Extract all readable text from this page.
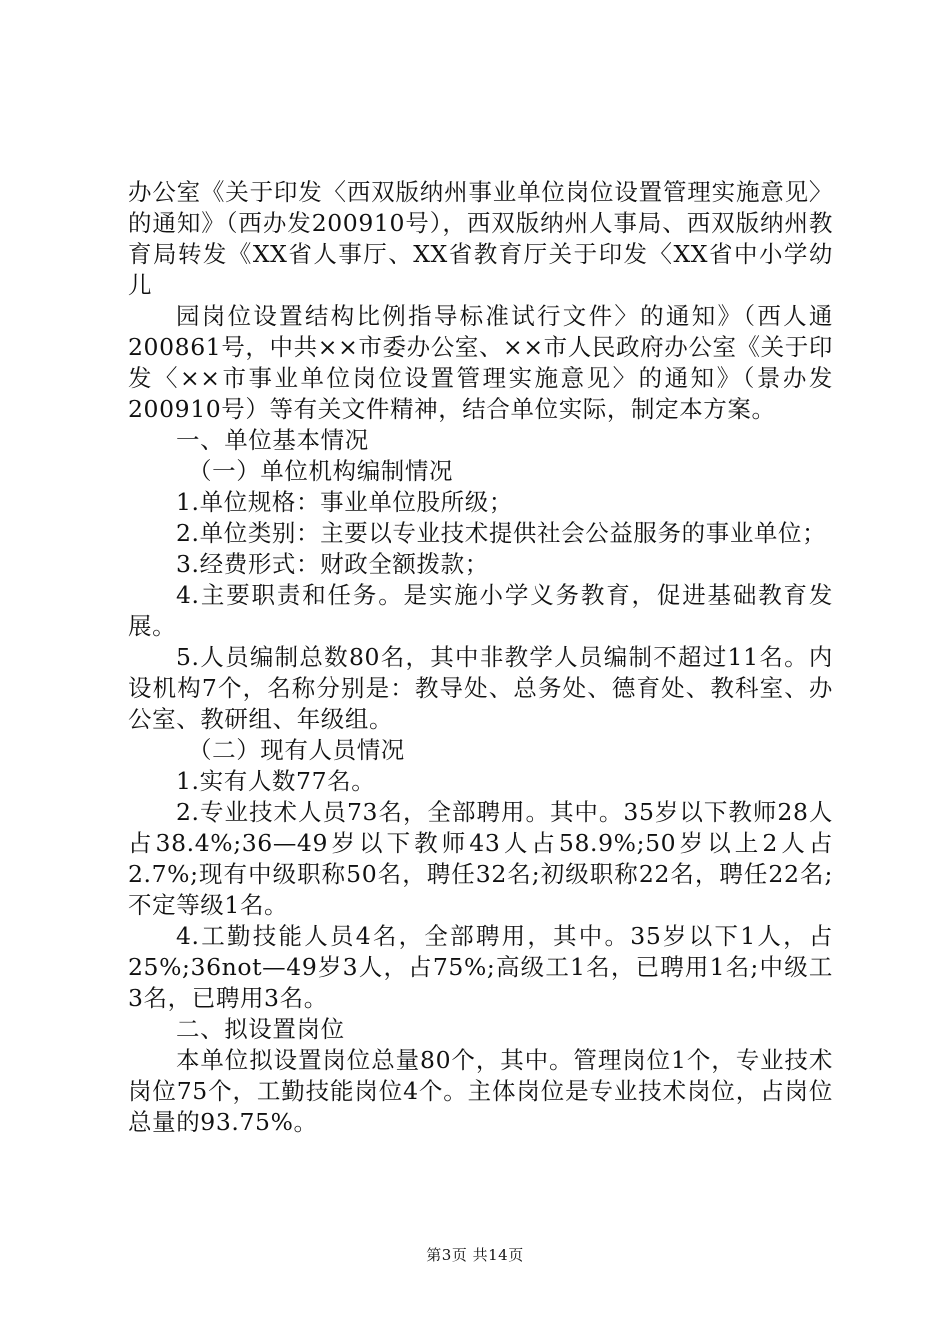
办公室《关于印发〈西双版纳州事业单位岗位设置管理实施意见〉的通知》（西办发200910号），西双版纳州人事局、西双版纳州教育局转发《XX省人事厅、XX省教育厅关于印发〈XX省中小学幼儿

园岗位设置结构比例指导标准试行文件〉的通知》（西人通200861号，中共××市委办公室、××市人民政府办公室《关于印发〈××市事业单位岗位设置管理实施意见〉的通知》（景办发200910号）等有关文件精神，结合单位实际，制定本方案。

一、单位基本情况

（一）单位机构编制情况

1.单位规格：事业单位股所级；

2.单位类别：主要以专业技术提供社会公益服务的事业单位；

3.经费形式：财政全额拨款；

4.主要职责和任务。是实施小学义务教育，促进基础教育发展。

5.人员编制总数80名，其中非教学人员编制不超过11名。内设机构7个，名称分别是：教导处、总务处、德育处、教科室、办公室、教研组、年级组。

（二）现有人员情况

1.实有人数77名。

2.专业技术人员73名，全部聘用。其中。35岁以下教师28人占38.4%;36—49岁以下教师43人占58.9%;50岁以上2人占2.7%;现有中级职称50名，聘任32名;初级职称22名，聘任22名;不定等级1名。

4.工勤技能人员4名，全部聘用，其中。35岁以下1人，占25%;36not—49岁3人，占75%;高级工1名，已聘用1名;中级工3名，已聘用3名。

二、拟设置岗位

本单位拟设置岗位总量80个，其中。管理岗位1个，专业技术岗位75个，工勤技能岗位4个。主体岗位是专业技术岗位，占岗位总量的93.75%。

第3页 共14页
